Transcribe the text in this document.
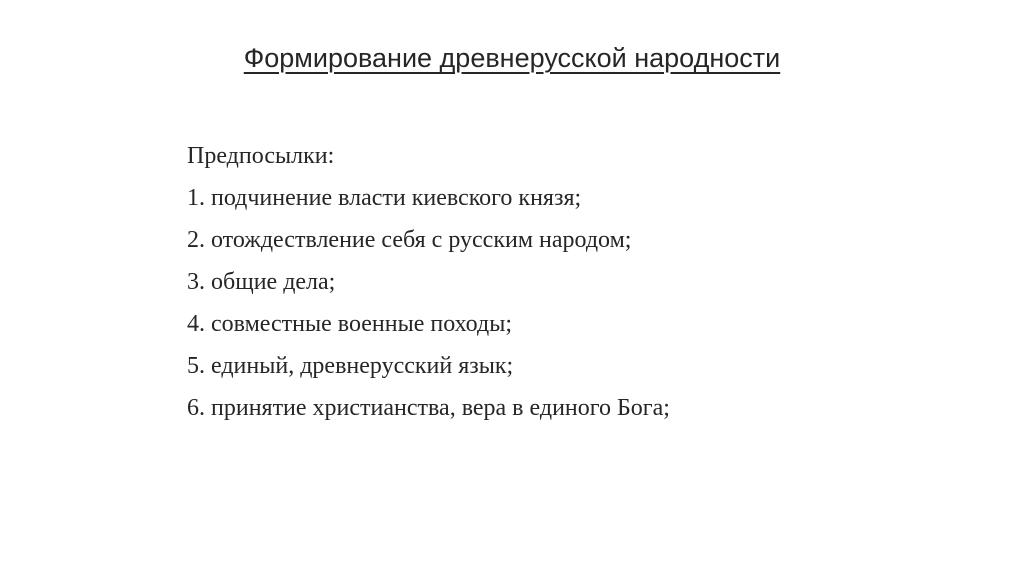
Формирование древнерусской народности
Предпосылки:
1. подчинение власти киевского князя;
2. отождествление себя с русским народом;
3. общие дела;
4. совместные военные походы;
5. единый, древнерусский язык;
6. принятие христианства, вера в единого Бога;
